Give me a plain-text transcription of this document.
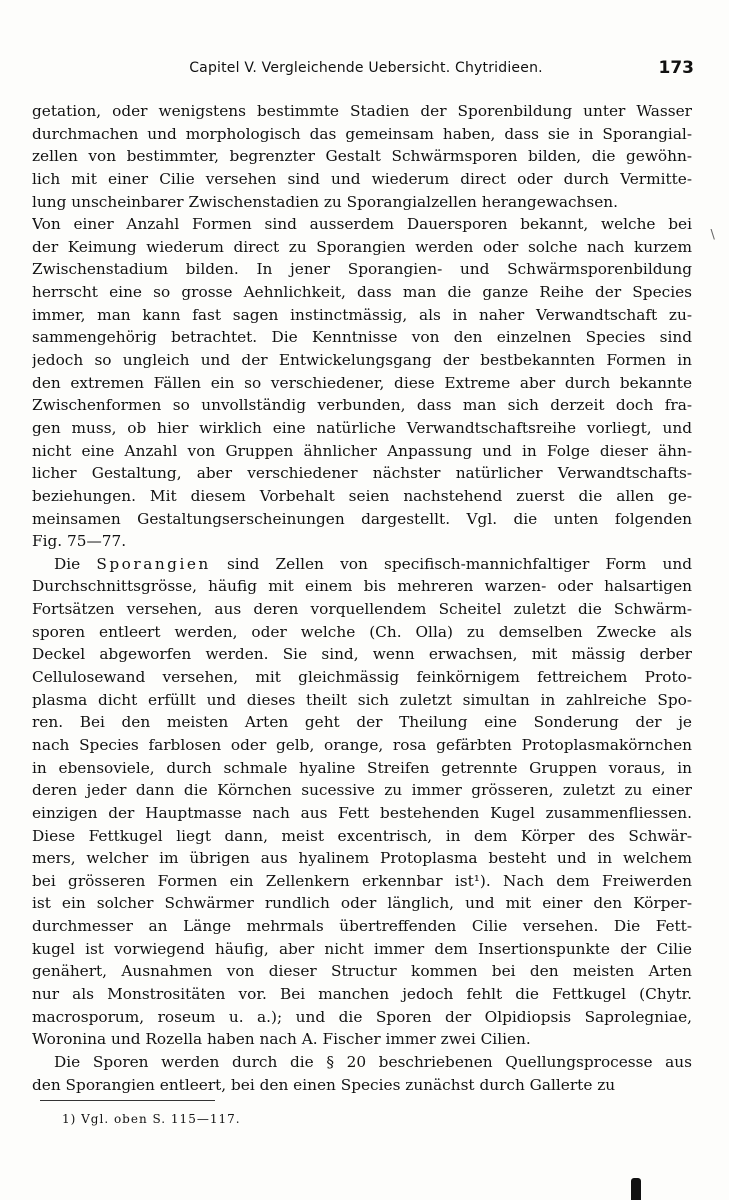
Capitel V. Vergleichende Uebersicht. Chytridieen.	173
getation, oder wenigstens bestimmte Stadien der Sporenbildung unter Wasser
durchmachen und morphologisch das gemeinsam haben, dass sie in Sporangial-
zellen von bestimmter, begrenzter Gestalt Schwärmsporen bilden, die gewöhn-
lich mit einer Cilie versehen sind und wiederum direct oder durch Vermitte-
lung unscheinbarer Zwischenstadien zu Sporangialzellen herangewachsen.
Von einer Anzahl Formen sind ausserdem Dauersporen bekannt, welche bei
der Keimung wiederum direct zu Sporangien werden oder solche nach kurzem
Zwischenstadium bilden. In jener Sporangien- und Schwärmsporenbildung
herrscht eine so grosse Aehnlichkeit, dass man die ganze Reihe der Species
immer, man kann fast sagen instinctmässig, als in naher Verwandtschaft zu-
sammengehörig betrachtet. Die Kenntnisse von den einzelnen Species sind
jedoch so ungleich und der Entwickelungsgang der bestbekannten Formen in
den extremen Fällen ein so verschiedener, diese Extreme aber durch bekannte
Zwischenformen so unvollständig verbunden, dass man sich derzeit doch fra-
gen muss, ob hier wirklich eine natürliche Verwandtschaftsreihe vorliegt, und
nicht eine Anzahl von Gruppen ähnlicher Anpassung und in Folge dieser ähn-
licher Gestaltung, aber verschiedener nächster natürlicher Verwandtschafts-
beziehungen. Mit diesem Vorbehalt seien nachstehend zuerst die allen ge-
meinsamen Gestaltungserscheinungen dargestellt. Vgl. die unten folgenden
Fig. 75—77.
Die Sporangien sind Zellen von specifisch-mannichfaltiger Form und
Durchschnittsgrösse, häufig mit einem bis mehreren warzen- oder halsartigen
Fortsätzen versehen, aus deren vorquellendem Scheitel zuletzt die Schwärm-
sporen entleert werden, oder welche (Ch. Olla) zu demselben Zwecke als
Deckel abgeworfen werden. Sie sind, wenn erwachsen, mit mässig derber
Cellulosewand versehen, mit gleichmässig feinkörnigem fettreichem Proto-
plasma dicht erfüllt und dieses theilt sich zuletzt simultan in zahlreiche Spo-
ren. Bei den meisten Arten geht der Theilung eine Sonderung der je
nach Species farblosen oder gelb, orange, rosa gefärbten Protoplasmakörnchen
in ebensoviele, durch schmale hyaline Streifen getrennte Gruppen voraus, in
deren jeder dann die Körnchen sucessive zu immer grösseren, zuletzt zu einer
einzigen der Hauptmasse nach aus Fett bestehenden Kugel zusammenfliessen.
Diese Fettkugel liegt dann, meist excentrisch, in dem Körper des Schwär-
mers, welcher im übrigen aus hyalinem Protoplasma besteht und in welchem
bei grösseren Formen ein Zellenkern erkennbar ist¹). Nach dem Freiwerden
ist ein solcher Schwärmer rundlich oder länglich, und mit einer den Körper-
durchmesser an Länge mehrmals übertreffenden Cilie versehen. Die Fett-
kugel ist vorwiegend häufig, aber nicht immer dem Insertionspunkte der Cilie
genähert, Ausnahmen von dieser Structur kommen bei den meisten Arten
nur als Monstrositäten vor. Bei manchen jedoch fehlt die Fettkugel (Chytr.
macrosporum, roseum u. a.); und die Sporen der Olpidiopsis Saprolegniae,
Woronina und Rozella haben nach A. Fischer immer zwei Cilien.
Die Sporen werden durch die § 20 beschriebenen Quellungsprocesse aus
den Sporangien entleert, bei den einen Species zunächst durch Gallerte zu
∖
1) Vgl. oben S. 115—117.
